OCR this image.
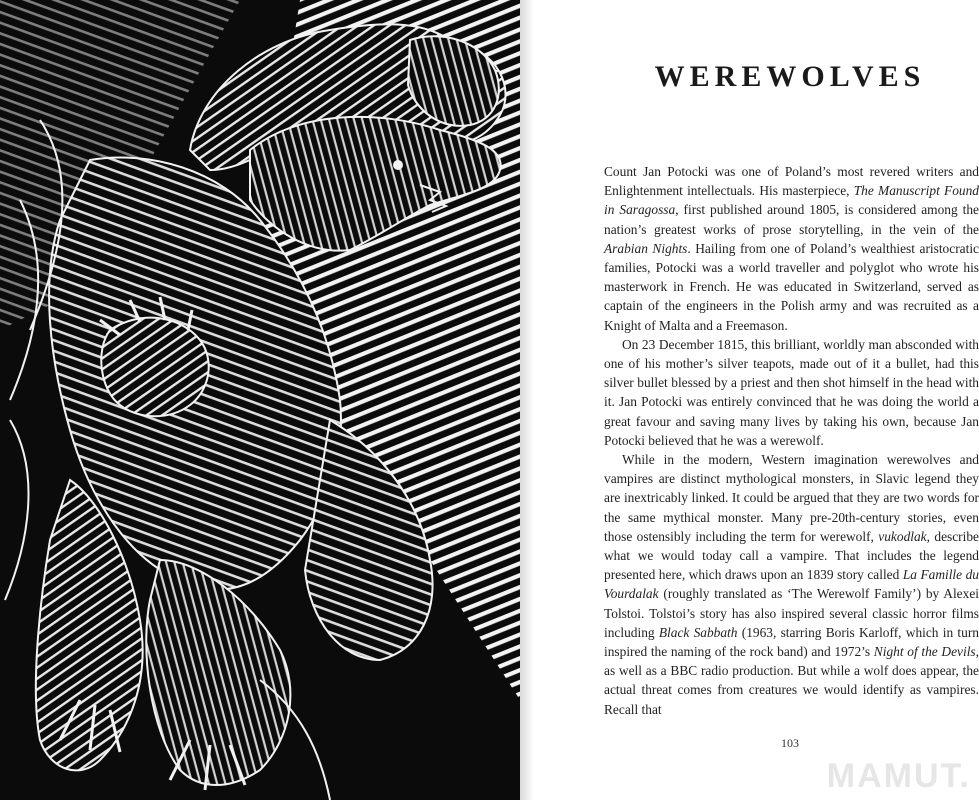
WEREWOLVES

Count Jan Potocki was one of Poland’s most revered writers and Enlightenment intellectuals. His masterpiece, The Manuscript Found in Saragossa, first published around 1805, is considered among the nation’s greatest works of prose storytelling, in the vein of the Arabian Nights. Hailing from one of Poland’s wealthiest aristocratic families, Potocki was a world traveller and polyglot who wrote his masterwork in French. He was educated in Switzerland, served as captain of the engineers in the Polish army and was recruited as a Knight of Malta and a Freemason.

On 23 December 1815, this brilliant, worldly man absconded with one of his mother’s silver teapots, made out of it a bullet, had this silver bullet blessed by a priest and then shot himself in the head with it. Jan Potocki was entirely convinced that he was doing the world a great favour and saving many lives by taking his own, because Jan Potocki believed that he was a werewolf.

While in the modern, Western imagination werewolves and vampires are distinct mythological monsters, in Slavic legend they are inextricably linked. It could be argued that they are two words for the same mythical monster. Many pre-20th-century stories, even those ostensibly including the term for werewolf, vukodlak, describe what we would today call a vampire. That includes the legend presented here, which draws upon an 1839 story called La Famille du Vourdalak (roughly translated as ‘The Werewolf Family’) by Alexei Tolstoi. Tolstoi’s story has also inspired several classic horror films including Black Sabbath (1963, starring Boris Karloff, which in turn inspired the naming of the rock band) and 1972’s Night of the Devils, as well as a BBC radio production. But while a wolf does appear, the actual threat comes from creatures we would identify as vampires. Recall that

103
MAMUT.
